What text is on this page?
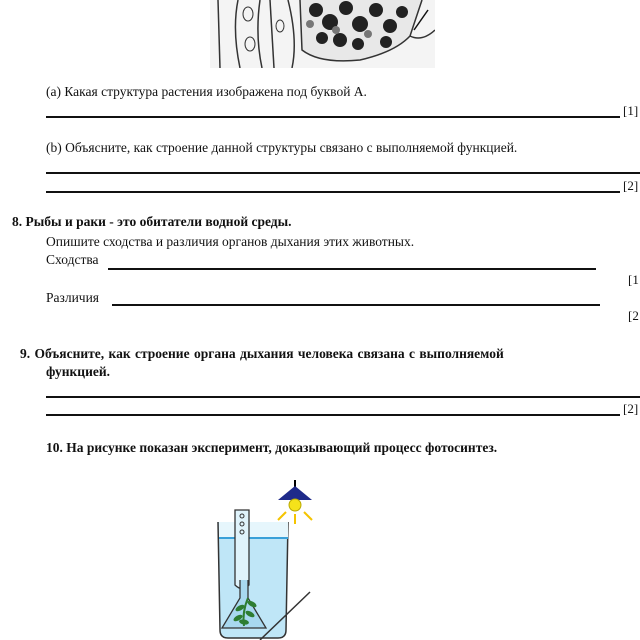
(a) Какая структура растения изображена под буквой А.
[1]
(b) Объясните, как строение данной структуры связано с выполняемой функцией.
[2]
8. Рыбы и раки - это обитатели водной среды.
Опишите сходства и различия органов дыхания этих животных.
Сходства
[1
Различия
[2
9. Объясните, как строение органа дыхания человека связана с выполняемой
функцией.
[2]
10. На рисунке показан эксперимент, доказывающий процесс фотосинтез.
